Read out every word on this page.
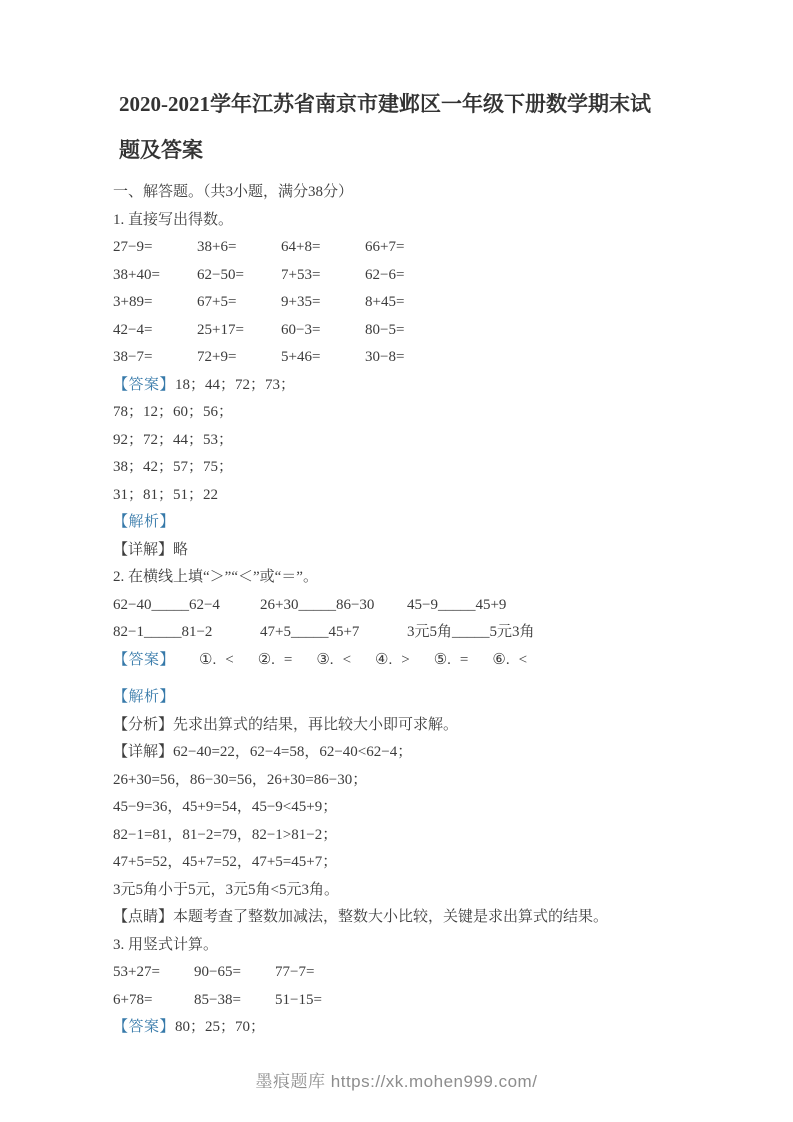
2020-2021学年江苏省南京市建邺区一年级下册数学期末试
题及答案

一、解答题。（共3小题，满分38分）

1. 直接写出得数。

27−9=	38+6=	64+8=	66+7=
38+40= 62−50= 7+53=	62−6=
3+89=	67+5=	9+35=	8+45=
42−4=	25+17= 60−3=	80−5=
38−7=	72+9=	5+46=	30−8=

【答案】18；44；72；73；

78；12；60；56；

92；72；44；53；

38；42；57；75；

31；81；51；22

【解析】

【详解】略

2. 在横线上填“＞”“＜”或“＝”。

62−40_____62−4	26+30_____86−30 45−9_____45+9
82−1_____81−2	47+5_____45+7	3元5角_____5元3角

【答案】 ①. < ②. = ③. < ④. > ⑤. = ⑥. <

【解析】

【分析】先求出算式的结果，再比较大小即可求解。

【详解】62−40=22，62−4=58，62−40<62−4；

26+30=56，86−30=56，26+30=86−30；

45−9=36，45+9=54，45−9<45+9；

82−1=81，81−2=79，82−1>81−2；

47+5=52，45+7=52，47+5=45+7；

3元5角小于5元，3元5角<5元3角。

【点睛】本题考查了整数加减法，整数大小比较，关键是求出算式的结果。

3. 用竖式计算。

53+27= 90−65= 77−7=
6+78=	85−38= 51−15=

【答案】80；25；70；

墨痕题库 https://xk.mohen999.com/
